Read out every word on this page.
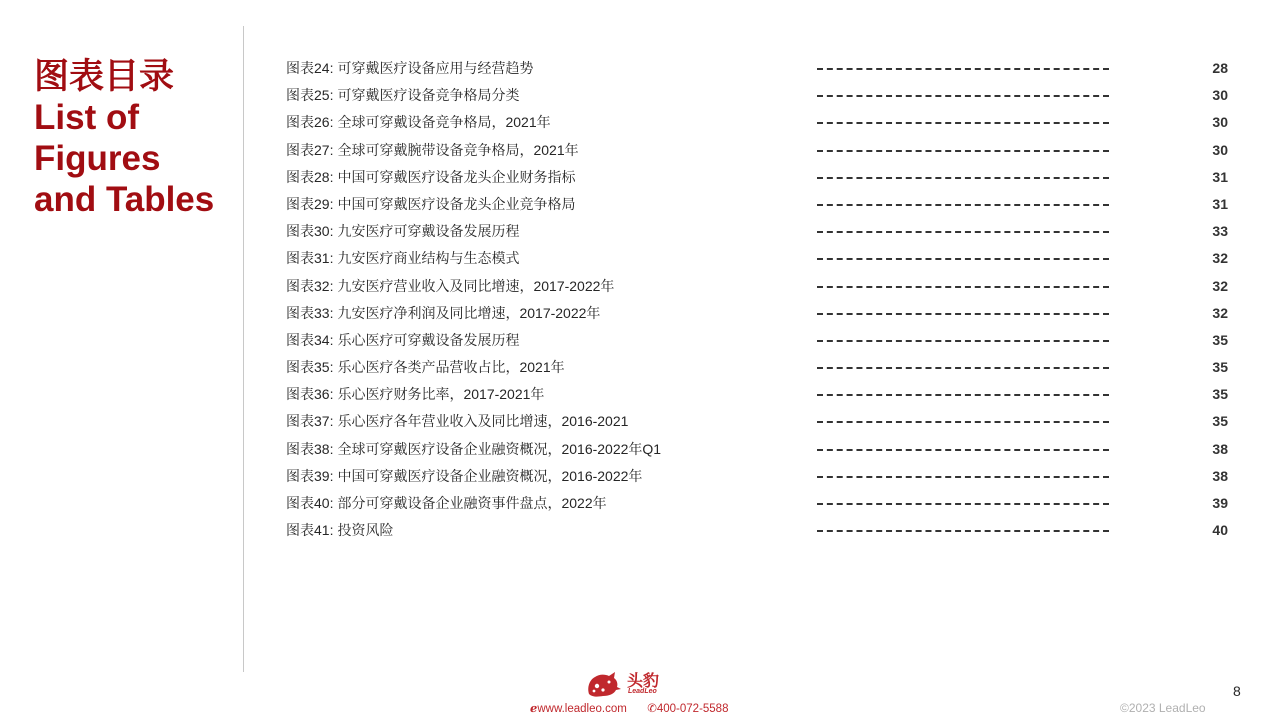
图表目录
List of
Figures
and Tables
图表24: 可穿戴医疗设备应用与经营趋势	28
图表25: 可穿戴医疗设备竞争格局分类	30
图表26: 全球可穿戴设备竞争格局，2021年	30
图表27: 全球可穿戴腕带设备竞争格局，2021年	30
图表28: 中国可穿戴医疗设备龙头企业财务指标	31
图表29: 中国可穿戴医疗设备龙头企业竞争格局	31
图表30: 九安医疗可穿戴设备发展历程	33
图表31: 九安医疗商业结构与生态模式	32
图表32: 九安医疗营业收入及同比增速，2017-2022年	32
图表33: 九安医疗净利润及同比增速，2017-2022年	32
图表34: 乐心医疗可穿戴设备发展历程	35
图表35: 乐心医疗各类产品营收占比，2021年	35
图表36: 乐心医疗财务比率，2017-2021年	35
图表37: 乐心医疗各年营业收入及同比增速，2016-2021	35
图表38: 全球可穿戴医疗设备企业融资概况，2016-2022年Q1	38
图表39: 中国可穿戴医疗设备企业融资概况，2016-2022年	38
图表40: 部分可穿戴设备企业融资事件盘点，2022年	39
图表41: 投资风险	40
头豹
LeadLeo
ℯwww.leadleo.com ✆400-072-5588
8
©2023 LeadLeo
